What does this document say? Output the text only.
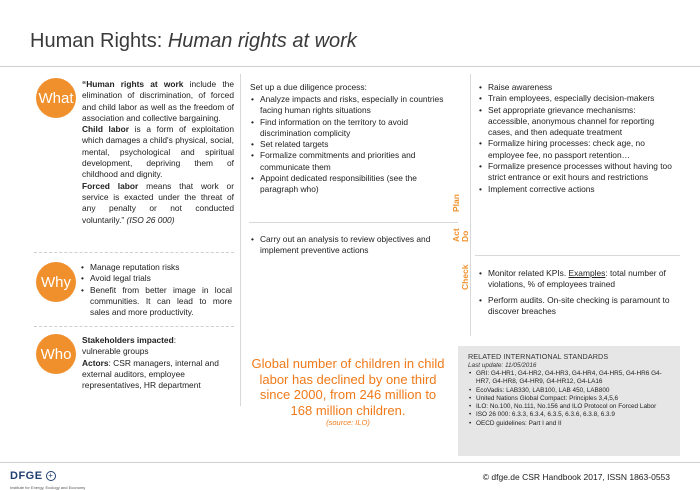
Human Rights: Human rights at work
What
“Human rights at work include the elimination of discrimination, of forced and child labor as well as the freedom of association and collective bargaining.
Child labor is a form of exploitation which damages a child's physical, social, mental, psychological and spiritual development, depriving them of childhood and dignity.
Forced labor means that work or service is exacted under the threat of any penalty or not conducted voluntarily.” (ISO 26 000)
Why
• Manage reputation risks
• Avoid legal trials
• Benefit from better image in local communities. It can lead to more sales and more productivity.
Who
Stakeholders impacted:
vulnerable groups
Actors: CSR managers, internal and external auditors, employee representatives, HR department
Set up a due diligence process:
• Analyze impacts and risks, especially in countries facing human rights situations
• Find information on the territory to avoid discrimination complicity
• Set related targets
• Formalize commitments and priorities and communicate them
• Appoint dedicated responsibilities (see the paragraph who)
Plan
• Carry out an analysis to review objectives and implement preventive actions
Act Do
• Raise awareness
• Train employees, especially decision-makers
• Set appropriate grievance mechanisms: accessible, anonymous channel for reporting cases, and then adequate treatment
• Formalize hiring processes: check age, no employee fee, no passport retention…
• Formalize presence processes without having too strict entrance or exit hours and restrictions
• Implement corrective actions
Check
•	Monitor related KPIs. Examples: total number of violations, % of employees trained
• Perform audits. On-site checking is paramount to discover breaches
Global number of children in child labor has declined by one third since 2000, from 246 million to 168 million children.
(source: ILO)
RELATED INTERNATIONAL STANDARDS
Last update: 11/05/2016
• GRI: G4-HR1, G4-HR2, G4-HR3, G4-HR4, G4-HR5, G4-HR6 G4-HR7, G4-HR8, G4-HR9, G4-HR12, G4-LA16
• EcoVadis: LAB330, LAB100, LAB 450, LAB800
• United Nations Global Compact: Principles 3,4,5,6
• ILO: No.100, No.111, No.156 and ILO Protocol on Forced Labor
• ISO 26 000: 6.3.3, 6.3.4, 6.3.5, 6.3.6, 6.3.8, 6.3.9
• OECD guidelines: Part I and II
DFGE +
Institute for Energy, Ecology and Economy
© dfge.de CSR Handbook 2017, ISSN 1863-0553
